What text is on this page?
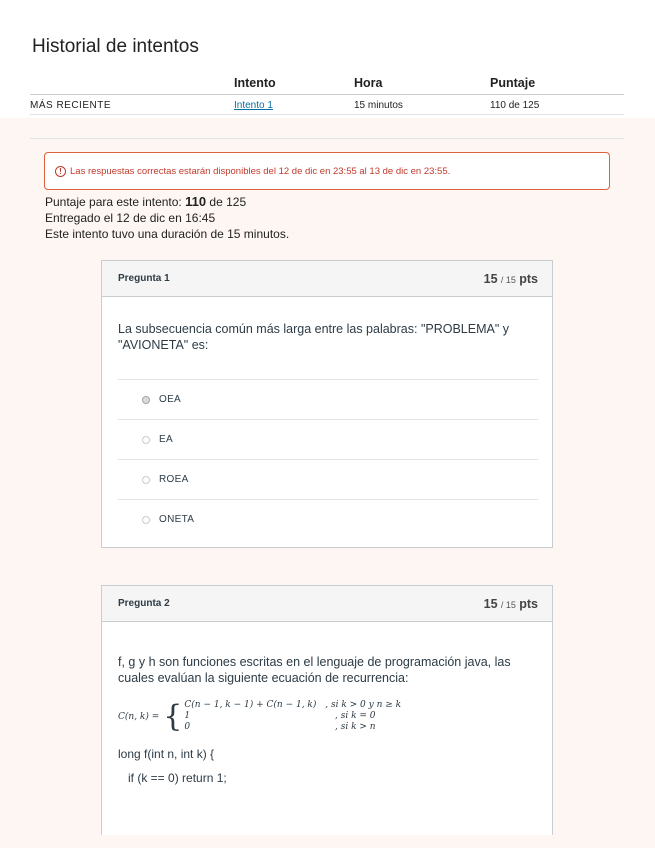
Historial de intentos
	Intento	Hora	Puntaje
MÁS RECIENTE	Intento 1	15 minutos	110 de 125
! Las respuestas correctas estarán disponibles del 12 de dic en 23:55 al 13 de dic en 23:55.
Puntaje para este intento: 110 de 125
Entregado el 12 de dic en 16:45
Este intento tuvo una duración de 15 minutos.
Pregunta 1	15 / 15 pts
La subsecuencia común más larga entre las palabras: "PROBLEMA" y "AVIONETA" es:
OEA
EA
ROEA
ONETA
Pregunta 2	15 / 15 pts
f, g y h son funciones escritas en el lenguaje de programación java, las cuales evalúan la siguiente ecuación de recurrencia:
C(n, k) = { C(n − 1, k − 1) + C(n − 1, k) , si k > 0 y n ≥ k
1	, si k = 0
0	, si k > n
long f(int n, int k) {
if (k == 0) return 1;
